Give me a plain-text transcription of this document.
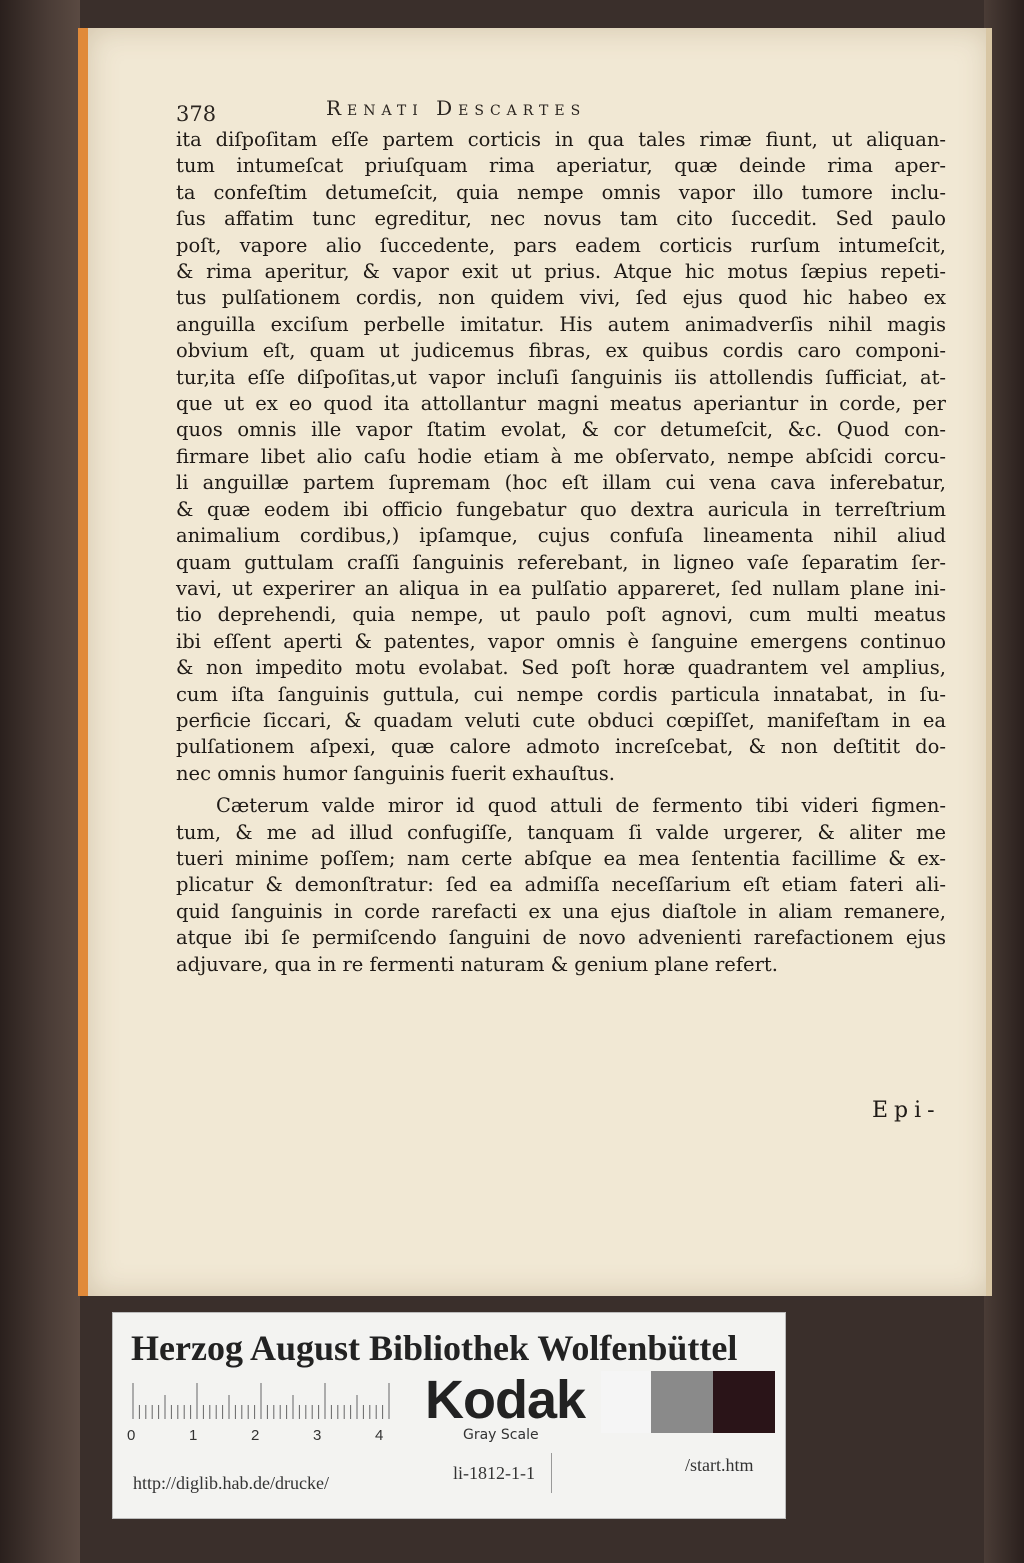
378	Renati Descartes
ita diſpoſitam eſſe partem corticis in qua tales rimæ fiunt, ut aliquan-
tum intumeſcat priuſquam rima aperiatur, quæ deinde rima aper-
ta confeſtim detumeſcit, quia nempe omnis vapor illo tumore inclu-
ſus affatim tunc egreditur, nec novus tam cito ſuccedit. Sed paulo
poſt, vapore alio ſuccedente, pars eadem corticis rurſum intumeſcit,
& rima aperitur, & vapor exit ut prius. Atque hic motus ſæpius repeti-
tus pulſationem cordis, non quidem vivi, ſed ejus quod hic habeo ex
anguilla exciſum perbelle imitatur. His autem animadverſis nihil magis
obvium eſt, quam ut judicemus fibras, ex quibus cordis caro componi-
tur,ita eſſe diſpoſitas,ut vapor incluſi ſanguinis iis attollendis ſufficiat, at-
que ut ex eo quod ita attollantur magni meatus aperiantur in corde, per
quos omnis ille vapor ſtatim evolat, & cor detumeſcit, &c. Quod con-
firmare libet alio caſu hodie etiam à me obſervato, nempe abſcidi corcu-
li anguillæ partem ſupremam (hoc eſt illam cui vena cava inferebatur,
& quæ eodem ibi officio fungebatur quo dextra auricula in terreſtrium
animalium cordibus,) ipſamque, cujus confuſa lineamenta nihil aliud
quam guttulam craſſi ſanguinis referebant, in ligneo vaſe ſeparatim ſer-
vavi, ut experirer an aliqua in ea pulſatio appareret, ſed nullam plane ini-
tio deprehendi, quia nempe, ut paulo poſt agnovi, cum multi meatus
ibi eſſent aperti & patentes, vapor omnis è ſanguine emergens continuo
& non impedito motu evolabat. Sed poſt horæ quadrantem vel amplius,
cum iſta ſanguinis guttula, cui nempe cordis particula innatabat, in ſu-
perficie ſiccari, & quadam veluti cute obduci cœpiſſet, manifeſtam in ea
pulſationem aſpexi, quæ calore admoto increſcebat, & non deſtitit do-
nec omnis humor ſanguinis fuerit exhauſtus.
Cæterum valde miror id quod attuli de fermento tibi videri figmen-
tum, & me ad illud confugiſſe, tanquam ſi valde urgerer, & aliter me
tueri minime poſſem; nam certe abſque ea mea ſententia facillime & ex-
plicatur & demonſtratur: ſed ea admiſſa neceſſarium eſt etiam fateri ali-
quid ſanguinis in corde rarefacti ex una ejus diaſtole in aliam remanere,
atque ibi ſe permiſcendo ſanguini de novo advenienti rarefactionem ejus
adjuvare, qua in re fermenti naturam & genium plane refert.
Epi-
Herzog August Bibliothek Wolfenbüttel
0	1	2	3	4
Kodak
Gray Scale
http://diglib.hab.de/drucke/	li-1812-1-1	/start.htm
